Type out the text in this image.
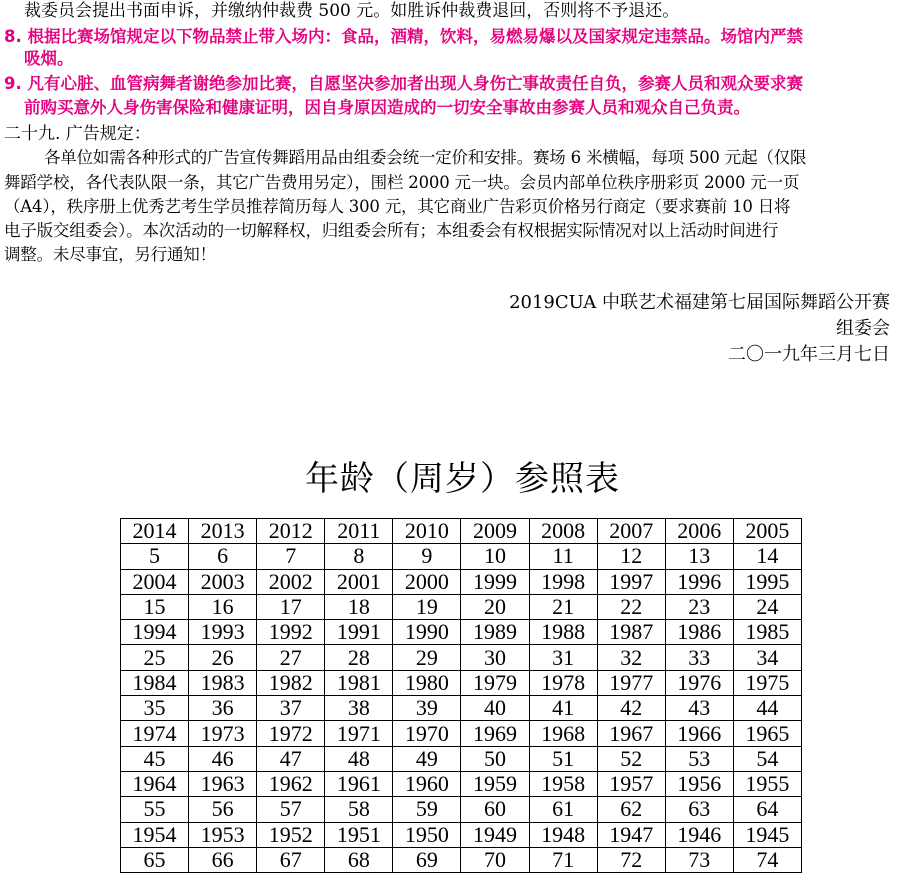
裁委员会提出书面申诉，并缴纳仲裁费 500 元。如胜诉仲裁费退回，否则将不予退还。
8. 根据比赛场馆规定以下物品禁止带入场内：食品，酒精，饮料，易燃易爆以及国家规定违禁品。场馆内严禁
吸烟。
9. 凡有心脏、血管病舞者谢绝参加比赛，自愿坚决参加者出现人身伤亡事故责任自负，参赛人员和观众要求赛
前购买意外人身伤害保险和健康证明，因自身原因造成的一切安全事故由参赛人员和观众自己负责。
二十九. 广告规定：
各单位如需各种形式的广告宣传舞蹈用品由组委会统一定价和安排。赛场 6 米横幅，每项 500 元起（仅限
舞蹈学校，各代表队限一条，其它广告费用另定），围栏 2000 元一块。会员内部单位秩序册彩页 2000 元一页
（A4），秩序册上优秀艺考生学员推荐简历每人 300 元，其它商业广告彩页价格另行商定（要求赛前 10 日将
电子版交组委会）。本次活动的一切解释权，归组委会所有；本组委会有权根据实际情况对以上活动时间进行
调整。未尽事宜，另行通知！
2019CUA 中联艺术福建第七届国际舞蹈公开赛
组委会
二〇一九年三月七日
年龄（周岁）参照表
2014	2013	2012	2011	2010	2009	2008	2007	2006	2005
5	6	7	8	9	10	11	12	13	14
2004	2003	2002	2001	2000	1999	1998	1997	1996	1995
15	16	17	18	19	20	21	22	23	24
1994	1993	1992	1991	1990	1989	1988	1987	1986	1985
25	26	27	28	29	30	31	32	33	34
1984	1983	1982	1981	1980	1979	1978	1977	1976	1975
35	36	37	38	39	40	41	42	43	44
1974	1973	1972	1971	1970	1969	1968	1967	1966	1965
45	46	47	48	49	50	51	52	53	54
1964	1963	1962	1961	1960	1959	1958	1957	1956	1955
55	56	57	58	59	60	61	62	63	64
1954	1953	1952	1951	1950	1949	1948	1947	1946	1945
65	66	67	68	69	70	71	72	73	74
